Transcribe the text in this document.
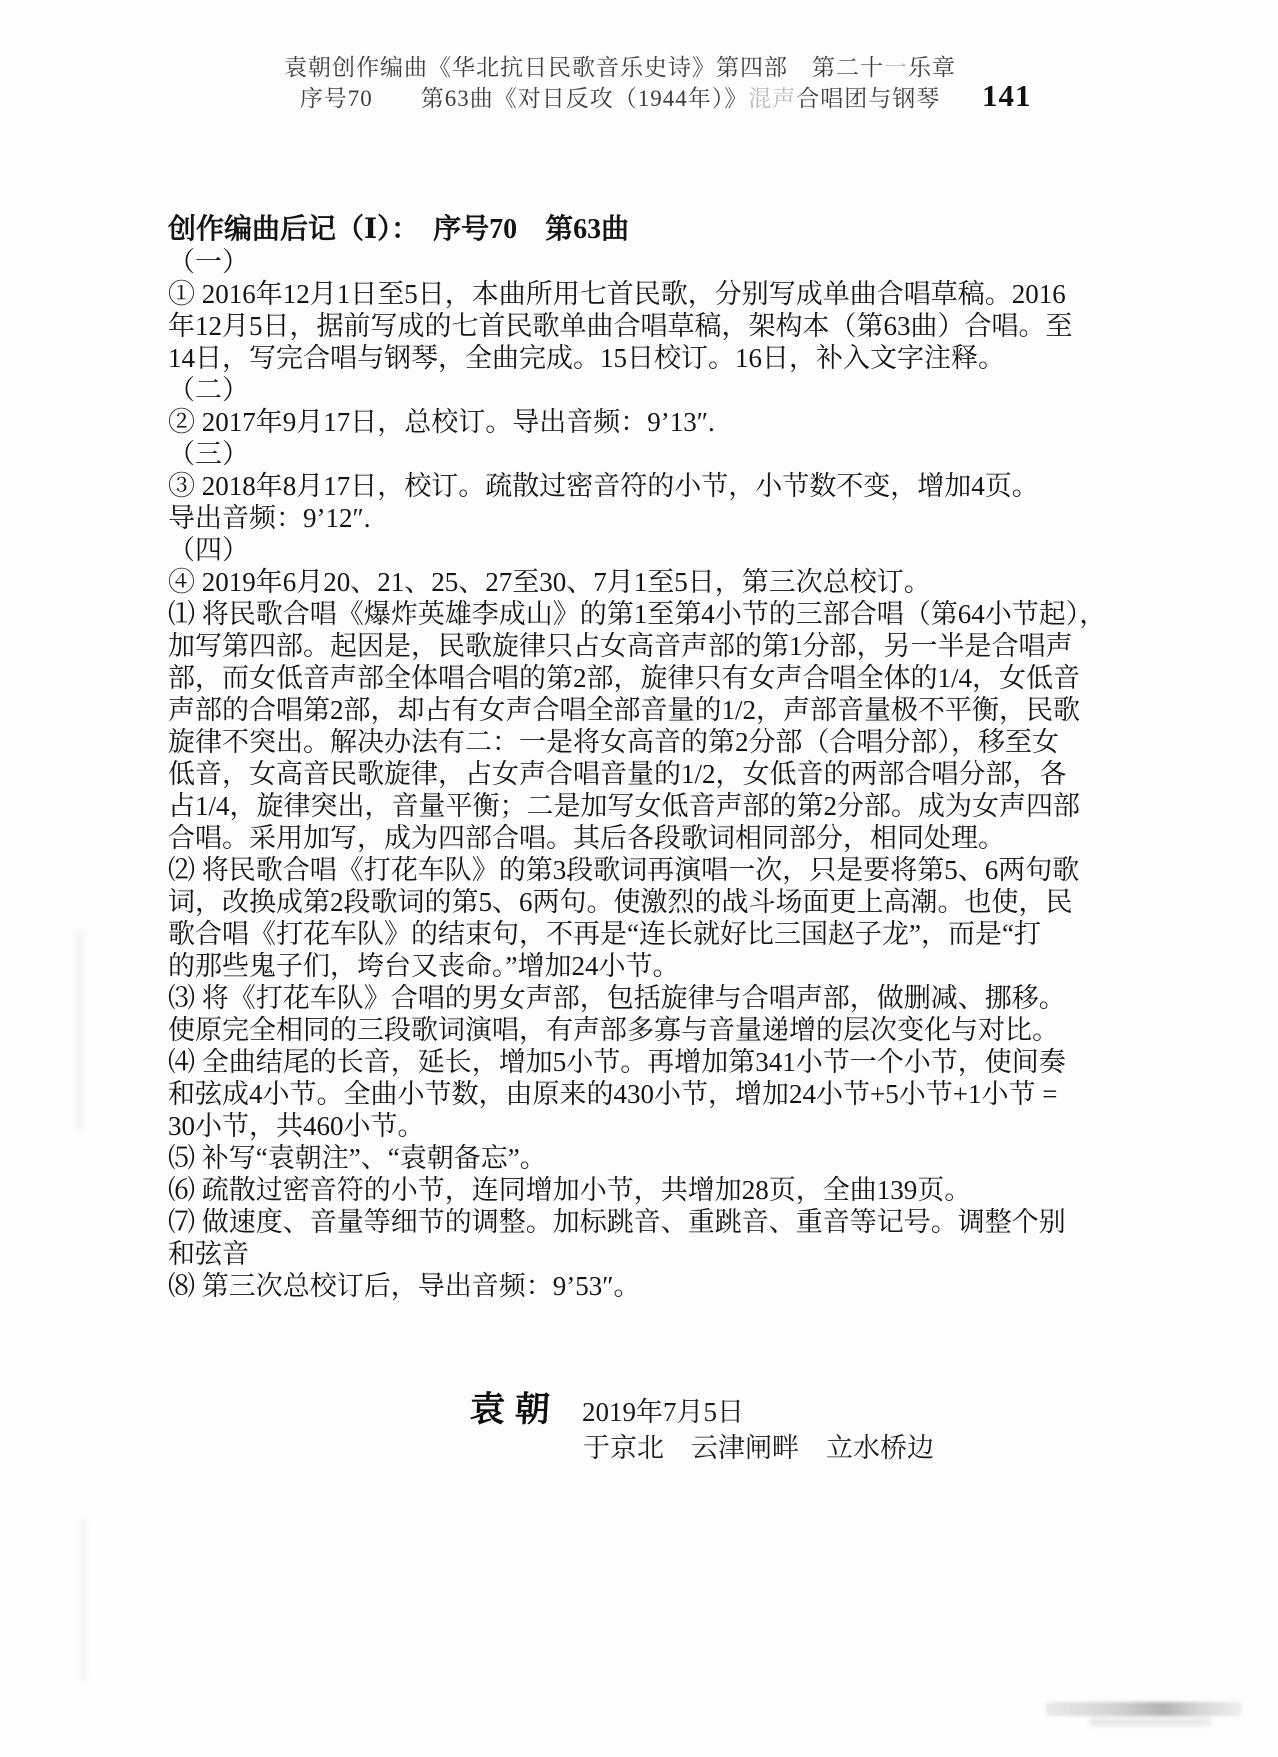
袁朝创作编曲《华北抗日民歌音乐史诗》第四部　第二十一乐章
序号70　　第63曲《对日反攻（1944年）》混声合唱团与钢琴	141
创作编曲后记（Ⅰ）：　序号70　第63曲
（一）
① 2016年12月1日至5日，本曲所用七首民歌，分别写成单曲合唱草稿。2016
年12月5日，据前写成的七首民歌单曲合唱草稿，架构本（第63曲）合唱。至
14日，写完合唱与钢琴，全曲完成。15日校订。16日，补入文字注释。
（二）
② 2017年9月17日，总校订。导出音频：9’13″.
（三）
③ 2018年8月17日，校订。疏散过密音符的小节，小节数不变，增加4页。
导出音频：9’12″.
（四）
④ 2019年6月20、21、25、27至30、7月1至5日，第三次总校订。
⑴ 将民歌合唱《爆炸英雄李成山》的第1至第4小节的三部合唱（第64小节起），
加写第四部。起因是，民歌旋律只占女高音声部的第1分部，另一半是合唱声
部，而女低音声部全体唱合唱的第2部，旋律只有女声合唱全体的1/4，女低音
声部的合唱第2部，却占有女声合唱全部音量的1/2，声部音量极不平衡，民歌
旋律不突出。解决办法有二：一是将女高音的第2分部（合唱分部），移至女
低音，女高音民歌旋律，占女声合唱音量的1/2，女低音的两部合唱分部，各
占1/4，旋律突出，音量平衡；二是加写女低音声部的第2分部。成为女声四部
合唱。采用加写，成为四部合唱。其后各段歌词相同部分，相同处理。
⑵ 将民歌合唱《打花车队》的第3段歌词再演唱一次，只是要将第5、6两句歌
词，改换成第2段歌词的第5、6两句。使激烈的战斗场面更上高潮。也使，民
歌合唱《打花车队》的结束句，不再是“连长就好比三国赵子龙”，而是“打
的那些鬼子们，垮台又丧命。”增加24小节。
⑶ 将《打花车队》合唱的男女声部，包括旋律与合唱声部，做删减、挪移。
使原完全相同的三段歌词演唱，有声部多寡与音量递增的层次变化与对比。
⑷ 全曲结尾的长音，延长，增加5小节。再增加第341小节一个小节，使间奏
和弦成4小节。全曲小节数，由原来的430小节，增加24小节+5小节+1小节 =
30小节，共460小节。
⑸ 补写“袁朝注”、“袁朝备忘”。
⑹ 疏散过密音符的小节，连同增加小节，共增加28页，全曲139页。
⑺ 做速度、音量等细节的调整。加标跳音、重跳音、重音等记号。调整个别
和弦音
⑻ 第三次总校订后，导出音频：9’53″。
袁朝 2019年7月5日
于京北　云津闸畔　立水桥边
